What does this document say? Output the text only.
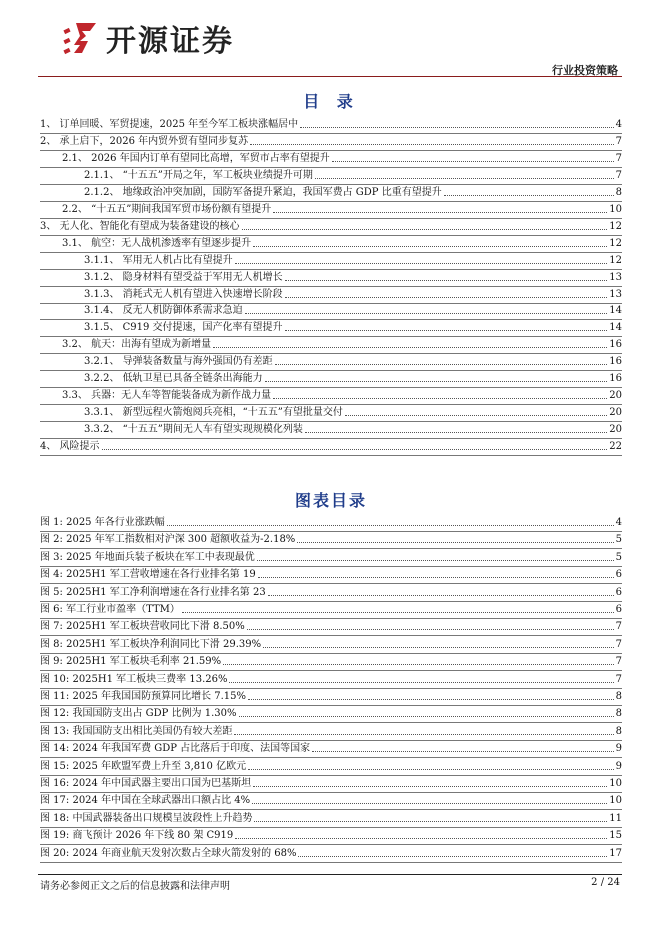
开源证券
行业投资策略
目 录
1、 订单回暖、军贸提速，2025 年至今军工板块涨幅居中	4
2、 承上启下，2026 年内贸外贸有望同步复苏	7
2.1、 2026 年国内订单有望同比高增，军贸市占率有望提升	7
2.1.1、 “十五五”开局之年，军工板块业绩提升可期	7
2.1.2、 地缘政治冲突加剧，国防军备提升紧迫，我国军费占 GDP 比重有望提升	8
2.2、 “十五五”期间我国军贸市场份额有望提升	10
3、 无人化、智能化有望成为装备建设的核心	12
3.1、 航空：无人战机渗透率有望逐步提升	12
3.1.1、 军用无人机占比有望提升	12
3.1.2、 隐身材料有望受益于军用无人机增长	13
3.1.3、 消耗式无人机有望进入快速增长阶段	13
3.1.4、 反无人机防御体系需求急迫	14
3.1.5、 C919 交付提速，国产化率有望提升	14
3.2、 航天：出海有望成为新增量	16
3.2.1、 导弹装备数量与海外强国仍有差距	16
3.2.2、 低轨卫星已具备全链条出海能力	16
3.3、 兵器：无人车等智能装备成为新作战力量	20
3.3.1、 新型远程火箭炮阅兵亮相，“十五五”有望批量交付	20
3.3.2、 “十五五”期间无人车有望实现规模化列装	20
4、 风险提示	22
图表目录
图 1: 2025 年各行业涨跌幅	4
图 2: 2025 年军工指数相对沪深 300 超额收益为-2.18%	5
图 3: 2025 年地面兵装子板块在军工中表现最优	5
图 4: 2025H1 军工营收增速在各行业排名第 19	6
图 5: 2025H1 军工净利润增速在各行业排名第 23	6
图 6: 军工行业市盈率（TTM）	6
图 7: 2025H1 军工板块营收同比下滑 8.50%	7
图 8: 2025H1 军工板块净利润同比下滑 29.39%	7
图 9: 2025H1 军工板块毛利率 21.59%	7
图 10: 2025H1 军工板块三费率 13.26%	7
图 11: 2025 年我国国防预算同比增长 7.15%	8
图 12: 我国国防支出占 GDP 比例为 1.30%	8
图 13: 我国国防支出相比美国仍有较大差距	8
图 14: 2024 年我国军费 GDP 占比落后于印度、法国等国家	9
图 15: 2025 年欧盟军费上升至 3,810 亿欧元	9
图 16: 2024 年中国武器主要出口国为巴基斯坦	10
图 17: 2024 年中国在全球武器出口额占比 4%	10
图 18: 中国武器装备出口规模呈波段性上升趋势	11
图 19: 商飞预计 2026 年下线 80 架 C919	15
图 20: 2024 年商业航天发射次数占全球火箭发射的 68%	17
请务必参阅正文之后的信息披露和法律声明	2 / 24
